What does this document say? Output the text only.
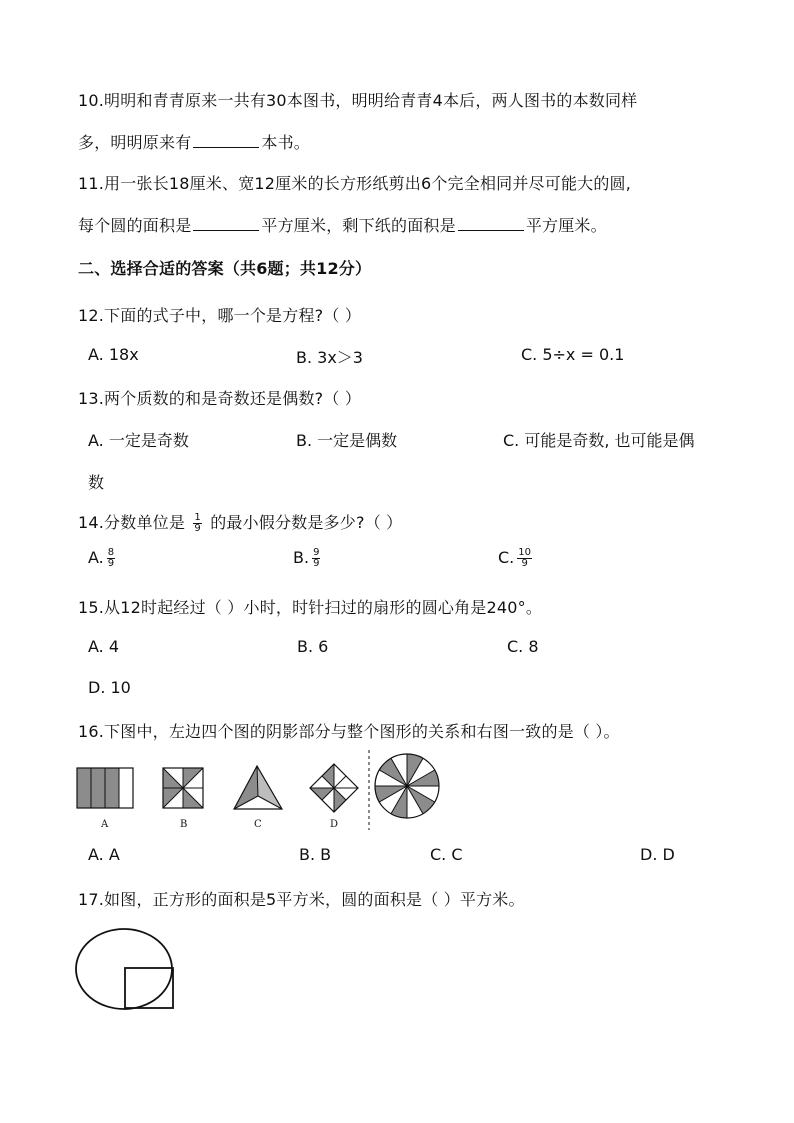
10.明明和青青原来一共有30本图书，明明给青青4本后，两人图书的本数同样
多，明明原来有	本书。
11.用一张长18厘米、宽12厘米的长方形纸剪出6个完全相同并尽可能大的圆,
每个圆的面积是	平方厘米，剩下纸的面积是	平方厘米。
二、选择合适的答案（共6题；共12分）
12.下面的式子中，哪一个是方程?（ ）
A. 18x	B. 3x＞3	C. 5÷x = 0.1
13.两个质数的和是奇数还是偶数?（ ）
A. 一定是奇数	B. 一定是偶数	C. 可能是奇数, 也可能是偶
数
14.分数单位是 $\frac{1}{9}$ 的最小假分数是多少?（ ）
A. $\frac{8}{9}$	B. $\frac{9}{9}$	C. $\frac{10}{9}$
15.从12时起经过（ ）小时，时针扫过的扇形的圆心角是240°。
A. 4	B. 6	C. 8
D. 10
16.下图中，左边四个图的阴影部分与整个图形的关系和右图一致的是（ ）。
A	B	C	D
A. A	B. B	C. C	D. D
17.如图，正方形的面积是5平方米，圆的面积是（ ）平方米。
